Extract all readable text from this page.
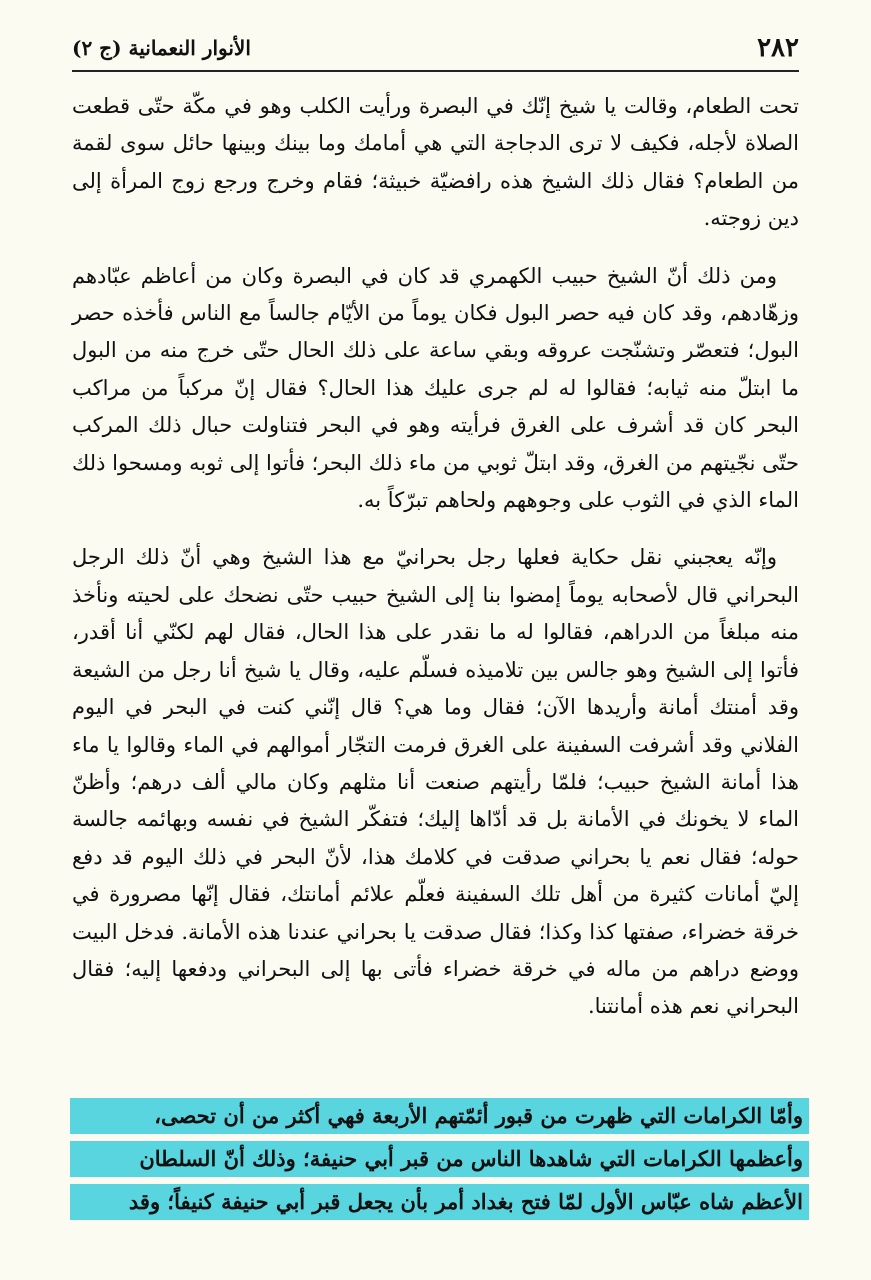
٢٨٢
الأنوار النعمانية (ج ٢)

تحت الطعام، وقالت يا شيخ إنّك في البصرة ورأيت الكلب وهو في مكّة حتّى قطعت الصلاة لأجله، فكيف لا ترى الدجاجة التي هي أمامك وما بينك وبينها حائل سوى لقمة من الطعام؟ فقال ذلك الشيخ هذه رافضيّة خبيثة؛ فقام وخرج ورجع زوج المرأة إلى دين زوجته.

ومن ذلك أنّ الشيخ حبيب الكهمري قد كان في البصرة وكان من أعاظم عبّادهم وزهّادهم، وقد كان فيه حصر البول فكان يوماً من الأيّام جالساً مع الناس فأخذه حصر البول؛ فتعصّر وتشنّجت عروقه وبقي ساعة على ذلك الحال حتّى خرج منه من البول ما ابتلّ منه ثيابه؛ فقالوا له لم جرى عليك هذا الحال؟ فقال إنّ مركباً من مراكب البحر كان قد أشرف على الغرق فرأيته وهو في البحر فتناولت حبال ذلك المركب حتّى نجّيتهم من الغرق، وقد ابتلّ ثوبي من ماء ذلك البحر؛ فأتوا إلى ثوبه ومسحوا ذلك الماء الذي في الثوب على وجوههم ولحاهم تبرّكاً به.

وإنّه يعجبني نقل حكاية فعلها رجل بحرانيّ مع هذا الشيخ وهي أنّ ذلك الرجل البحراني قال لأصحابه يوماً إمضوا بنا إلى الشيخ حبيب حتّى نضحك على لحيته ونأخذ منه مبلغاً من الدراهم، فقالوا له ما نقدر على هذا الحال، فقال لهم لكنّي أنا أقدر، فأتوا إلى الشيخ وهو جالس بين تلاميذه فسلّم عليه، وقال يا شيخ أنا رجل من الشيعة وقد أمنتك أمانة وأريدها الآن؛ فقال وما هي؟ قال إنّني كنت في البحر في اليوم الفلاني وقد أشرفت السفينة على الغرق فرمت التجّار أموالهم في الماء وقالوا يا ماء هذا أمانة الشيخ حبيب؛ فلمّا رأيتهم صنعت أنا مثلهم وكان مالي ألف درهم؛ وأظنّ الماء لا يخونك في الأمانة بل قد أدّاها إليك؛ فتفكّر الشيخ في نفسه وبهائمه جالسة حوله؛ فقال نعم يا بحراني صدقت في كلامك هذا، لأنّ البحر في ذلك اليوم قد دفع إليّ أمانات كثيرة من أهل تلك السفينة فعلّم علائم أمانتك، فقال إنّها مصرورة في خرقة خضراء، صفتها كذا وكذا؛ فقال صدقت يا بحراني عندنا هذه الأمانة. فدخل البيت ووضع دراهم من ماله في خرقة خضراء فأتى بها إلى البحراني ودفعها إليه؛ فقال البحراني نعم هذه أمانتنا.

وأمّا الكرامات التي ظهرت من قبور أئمّتهم الأربعة فهي أكثر من أن تحصى،
وأعظمها الكرامات التي شاهدها الناس من قبر أبي حنيفة؛ وذلك أنّ السلطان
الأعظم شاه عبّاس الأول لمّا فتح بغداد أمر بأن يجعل قبر أبي حنيفة كنيفاً؛ وقد
